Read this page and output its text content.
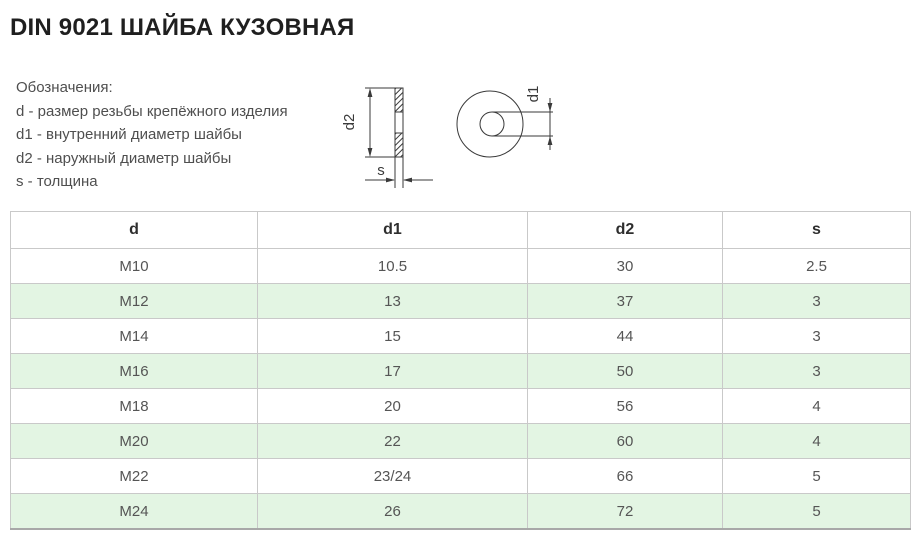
DIN 9021 ШАЙБА КУЗОВНАЯ
Обозначения:
d - размер резьбы крепёжного изделия
d1 - внутренний диаметр шайбы
d2 - наружный диаметр шайбы
s - толщина
d2
s
d1
d	d1	d2	s
M10	10.5	30	2.5
M12	13	37	3
M14	15	44	3
M16	17	50	3
M18	20	56	4
M20	22	60	4
M22	23/24	66	5
M24	26	72	5
